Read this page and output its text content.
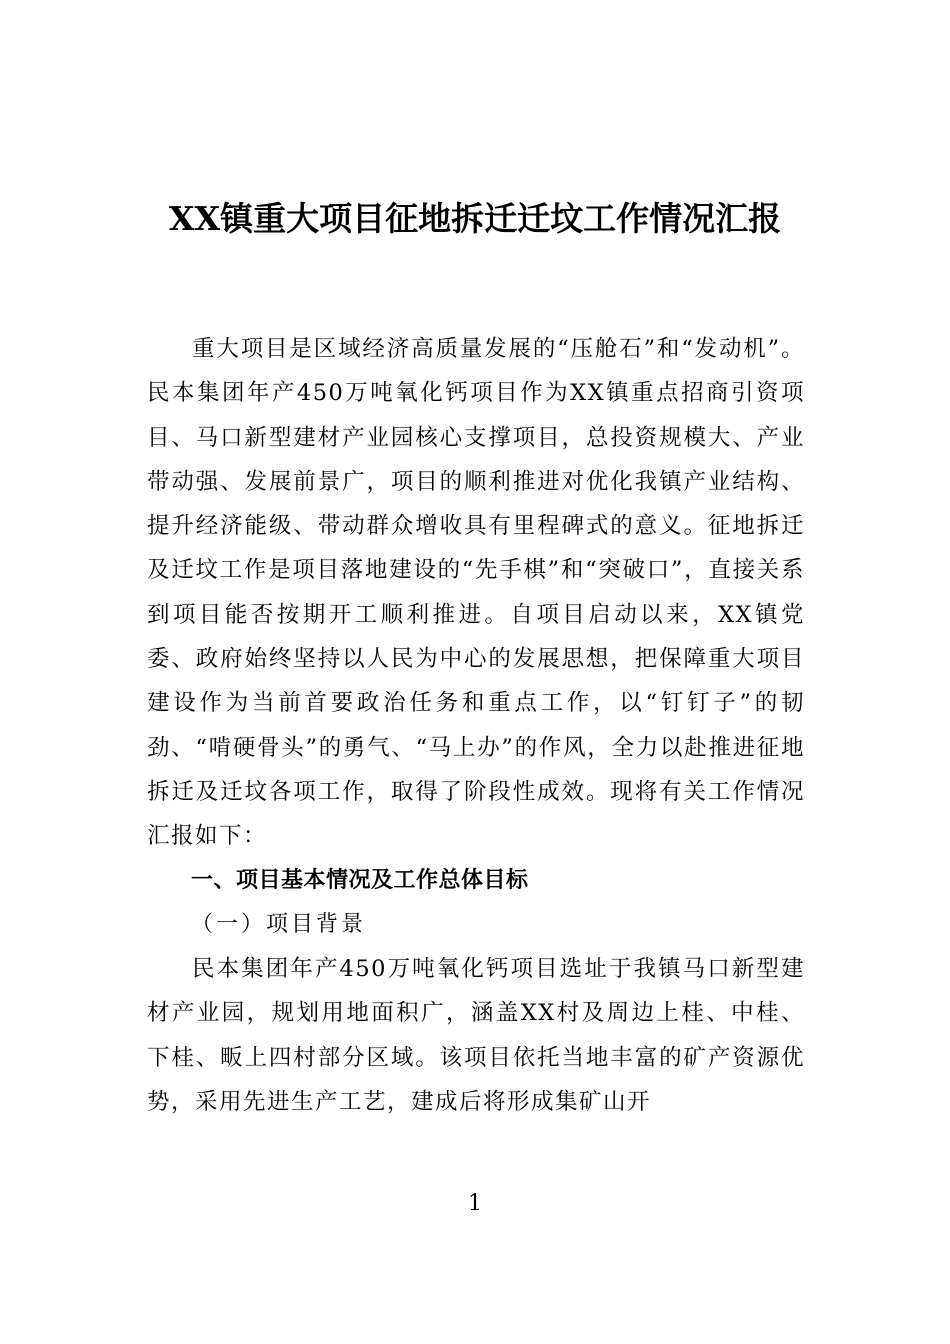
XX镇重大项目征地拆迁迁坟工作情况汇报

重大项目是区域经济高质量发展的“压舱石”和“发动机”。民本集团年产450万吨氧化钙项目作为XX镇重点招商引资项目、马口新型建材产业园核心支撑项目，总投资规模大、产业带动强、发展前景广，项目的顺利推进对优化我镇产业结构、提升经济能级、带动群众增收具有里程碑式的意义。征地拆迁及迁坟工作是项目落地建设的“先手棋”和“突破口”，直接关系到项目能否按期开工顺利推进。自项目启动以来，XX镇党委、政府始终坚持以人民为中心的发展思想，把保障重大项目建设作为当前首要政治任务和重点工作，以“钉钉子”的韧劲、“啃硬骨头”的勇气、“马上办”的作风，全力以赴推进征地拆迁及迁坟各项工作，取得了阶段性成效。现将有关工作情况汇报如下：

一、项目基本情况及工作总体目标

（一）项目背景

民本集团年产450万吨氧化钙项目选址于我镇马口新型建材产业园，规划用地面积广，涵盖XX村及周边上桂、中桂、下桂、畈上四村部分区域。该项目依托当地丰富的矿产资源优势，采用先进生产工艺，建成后将形成集矿山开

1
